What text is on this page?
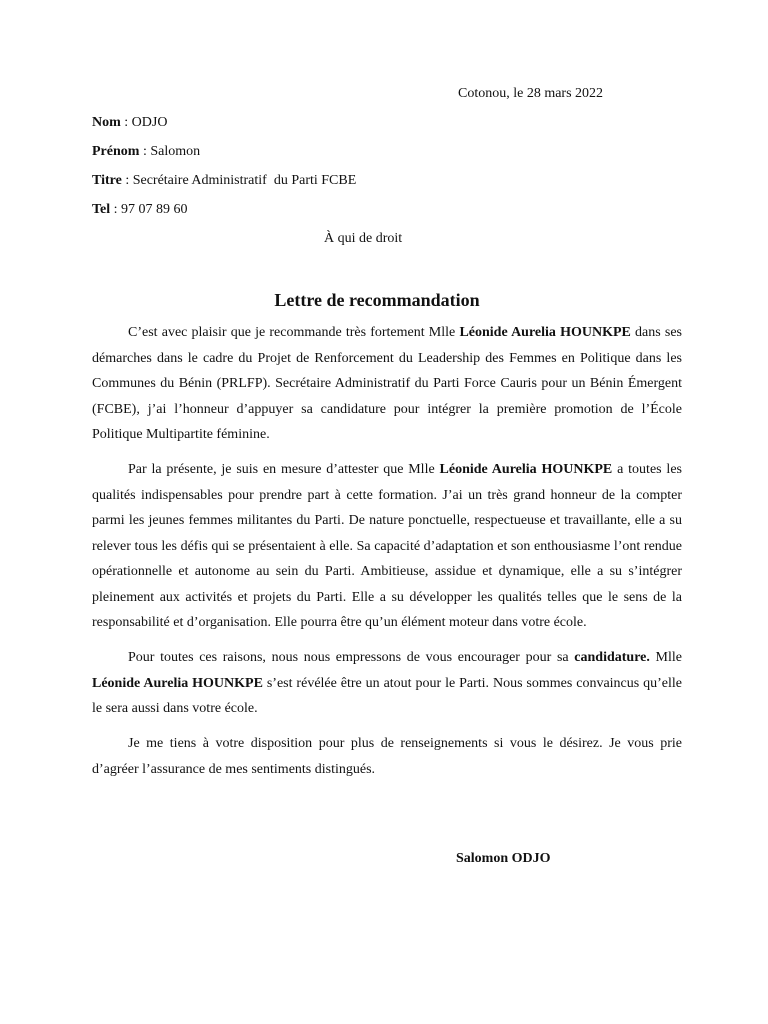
Cotonou, le 28 mars 2022
Nom : ODJO
Prénom : Salomon
Titre : Secrétaire Administratif  du Parti FCBE
Tel : 97 07 89 60
À qui de droit
Lettre de recommandation

C’est avec plaisir que je recommande très fortement Mlle Léonide Aurelia HOUNKPE dans ses démarches dans le cadre du Projet de Renforcement du Leadership des Femmes en Politique dans les Communes du Bénin (PRLFP). Secrétaire Administratif du Parti Force Cauris pour un Bénin Émergent (FCBE), j’ai l’honneur d’appuyer sa candidature pour intégrer la première promotion de l’École Politique Multipartite féminine.

Par la présente, je suis en mesure d’attester que Mlle Léonide Aurelia HOUNKPE a toutes les qualités indispensables pour prendre part à cette formation. J’ai un très grand honneur de la compter parmi les jeunes femmes militantes du Parti. De nature ponctuelle, respectueuse et travaillante, elle a su relever tous les défis qui se présentaient à elle. Sa capacité d’adaptation et son enthousiasme l’ont rendue opérationnelle et autonome au sein du Parti. Ambitieuse, assidue et dynamique, elle a su s’intégrer pleinement aux activités et projets du Parti. Elle a su développer les qualités telles que le sens de la responsabilité et d’organisation. Elle pourra être qu’un élément moteur dans votre école.

Pour toutes ces raisons, nous nous empressons de vous encourager pour sa candidature. Mlle Léonide Aurelia HOUNKPE s’est révélée être un atout pour le Parti. Nous sommes convaincus qu’elle le sera aussi dans votre école.

Je me tiens à votre disposition pour plus de renseignements si vous le désirez. Je vous prie d’agréer l’assurance de mes sentiments distingués.

Salomon ODJO
